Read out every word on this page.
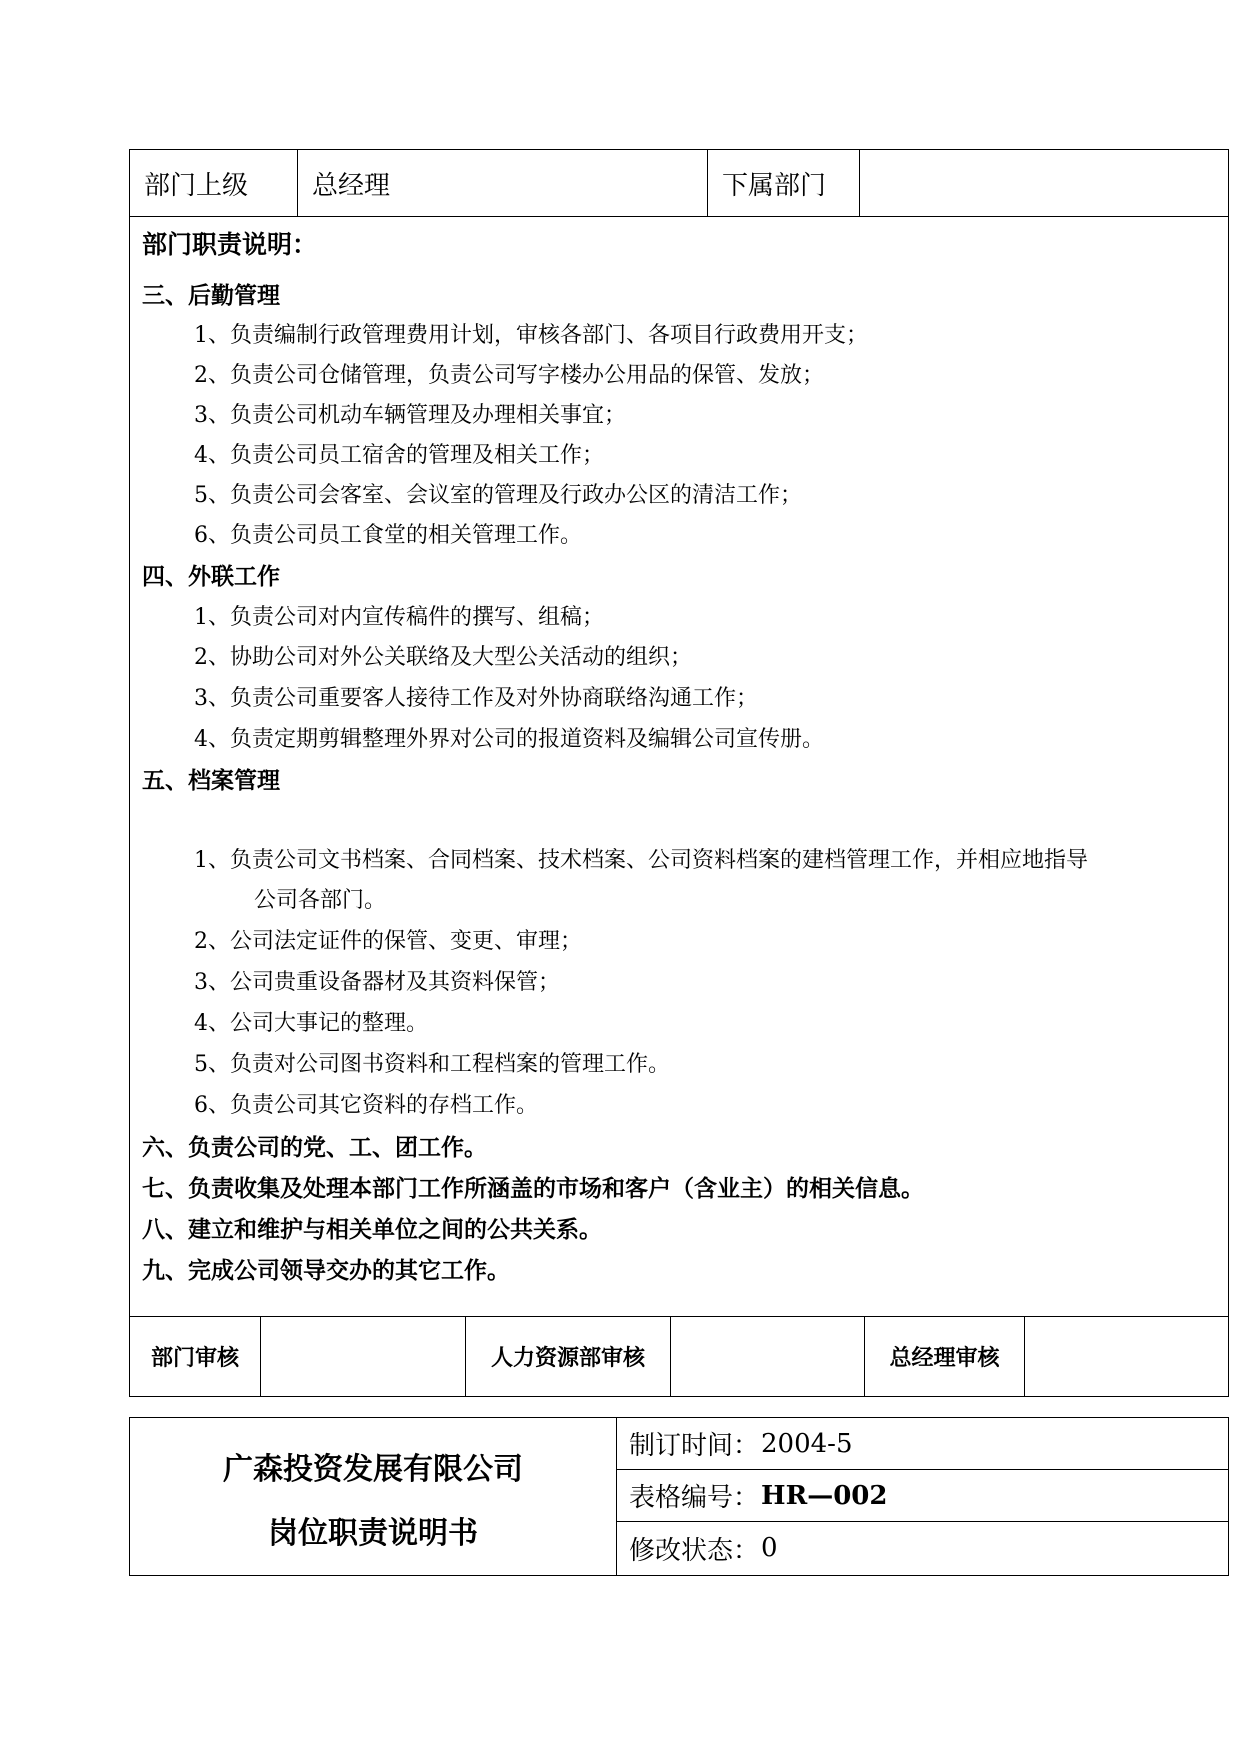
部门上级	总经理	下属部门
部门职责说明：
三、后勤管理
1、负责编制行政管理费用计划，审核各部门、各项目行政费用开支；
2、负责公司仓储管理，负责公司写字楼办公用品的保管、发放；
3、负责公司机动车辆管理及办理相关事宜；
4、负责公司员工宿舍的管理及相关工作；
5、负责公司会客室、会议室的管理及行政办公区的清洁工作；
6、负责公司员工食堂的相关管理工作。
四、外联工作
1、负责公司对内宣传稿件的撰写、组稿；
2、协助公司对外公关联络及大型公关活动的组织；
3、负责公司重要客人接待工作及对外协商联络沟通工作；
4、负责定期剪辑整理外界对公司的报道资料及编辑公司宣传册。
五、档案管理
1、负责公司文书档案、合同档案、技术档案、公司资料档案的建档管理工作，并相应地指导
公司各部门。
2、公司法定证件的保管、变更、审理；
3、公司贵重设备器材及其资料保管；
4、公司大事记的整理。
5、负责对公司图书资料和工程档案的管理工作。
6、负责公司其它资料的存档工作。
六、负责公司的党、工、团工作。
七、负责收集及处理本部门工作所涵盖的市场和客户（含业主）的相关信息。
八、建立和维护与相关单位之间的公共关系。
九、完成公司领导交办的其它工作。
部门审核	人力资源部审核	总经理审核
广森投资发展有限公司
岗位职责说明书
制订时间： 2004-5
表格编号： HR—002
修改状态： 0
